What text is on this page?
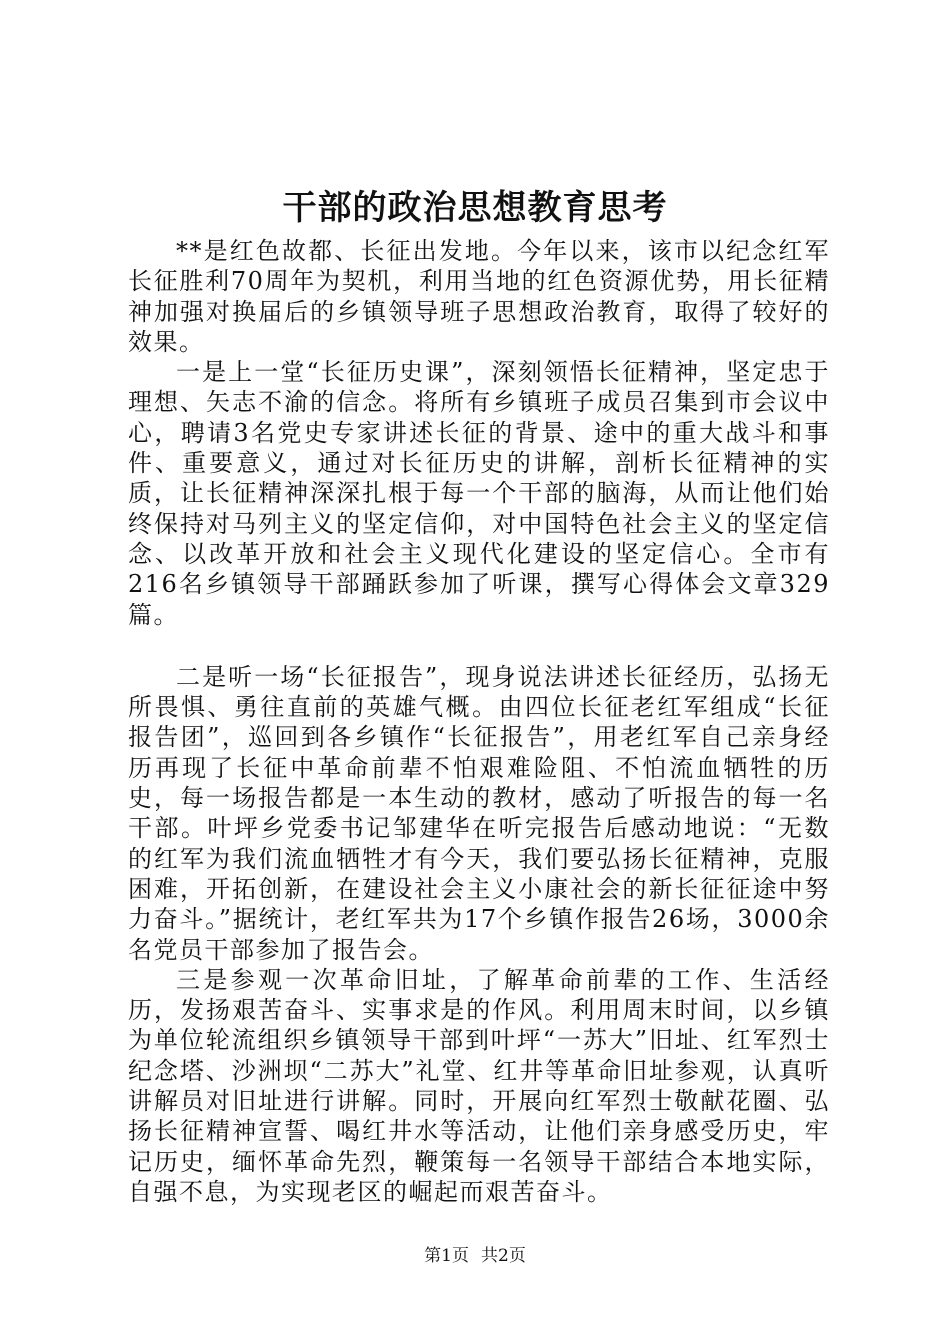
干部的政治思想教育思考

**是红色故都、长征出发地。今年以来，该市以纪念红军长征胜利70周年为契机，利用当地的红色资源优势，用长征精神加强对换届后的乡镇领导班子思想政治教育，取得了较好的效果。

一是上一堂“长征历史课”，深刻领悟长征精神，坚定忠于理想、矢志不渝的信念。将所有乡镇班子成员召集到市会议中心，聘请3名党史专家讲述长征的背景、途中的重大战斗和事件、重要意义，通过对长征历史的讲解，剖析长征精神的实质，让长征精神深深扎根于每一个干部的脑海，从而让他们始终保持对马列主义的坚定信仰，对中国特色社会主义的坚定信念、以改革开放和社会主义现代化建设的坚定信心。全市有216名乡镇领导干部踊跃参加了听课，撰写心得体会文章329篇。

二是听一场“长征报告”，现身说法讲述长征经历，弘扬无所畏惧、勇往直前的英雄气概。由四位长征老红军组成“长征报告团”，巡回到各乡镇作“长征报告”，用老红军自己亲身经历再现了长征中革命前辈不怕艰难险阻、不怕流血牺牲的历史，每一场报告都是一本生动的教材，感动了听报告的每一名干部。叶坪乡党委书记邹建华在听完报告后感动地说：“无数的红军为我们流血牺牲才有今天，我们要弘扬长征精神，克服困难，开拓创新，在建设社会主义小康社会的新长征征途中努力奋斗。”据统计，老红军共为17个乡镇作报告26场，3000余名党员干部参加了报告会。

三是参观一次革命旧址，了解革命前辈的工作、生活经历，发扬艰苦奋斗、实事求是的作风。利用周末时间，以乡镇为单位轮流组织乡镇领导干部到叶坪“一苏大”旧址、红军烈士纪念塔、沙洲坝“二苏大”礼堂、红井等革命旧址参观，认真听讲解员对旧址进行讲解。同时，开展向红军烈士敬献花圈、弘扬长征精神宣誓、喝红井水等活动，让他们亲身感受历史，牢记历史，缅怀革命先烈，鞭策每一名领导干部结合本地实际，自强不息，为实现老区的崛起而艰苦奋斗。

第1页 共2页
